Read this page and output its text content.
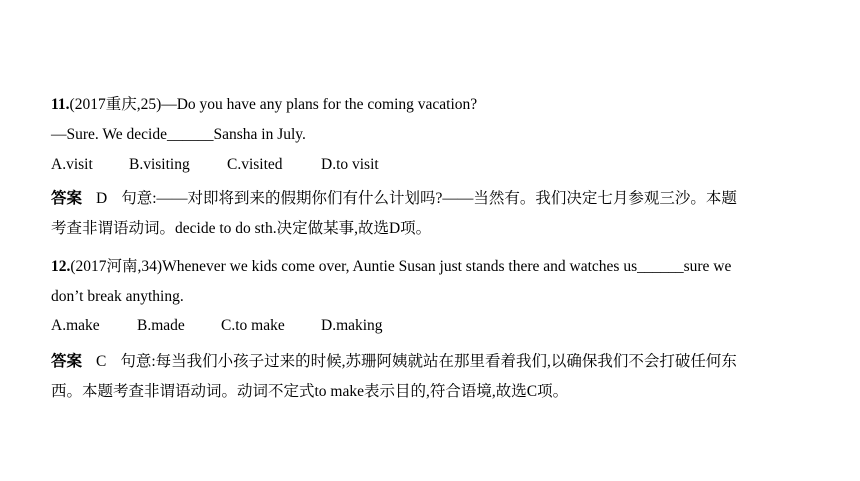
11.(2017重庆,25)—Do you have any plans for the coming vacation?
—Sure. We decide______Sansha in July.
A.visit B.visiting C.visited D.to visit
答案 D 句意:——对即将到来的假期你们有什么计划吗?——当然有。我们决定七月参观三沙。本题
考查非谓语动词。decide to do sth.决定做某事,故选D项。
12.(2017河南,34)Whenever we kids come over, Auntie Susan just stands there and watches us______sure we
don’t break anything.
A.make B.made C.to make D.making
答案 C 句意:每当我们小孩子过来的时候,苏珊阿姨就站在那里看着我们,以确保我们不会打破任何东
西。本题考查非谓语动词。动词不定式to make表示目的,符合语境,故选C项。
